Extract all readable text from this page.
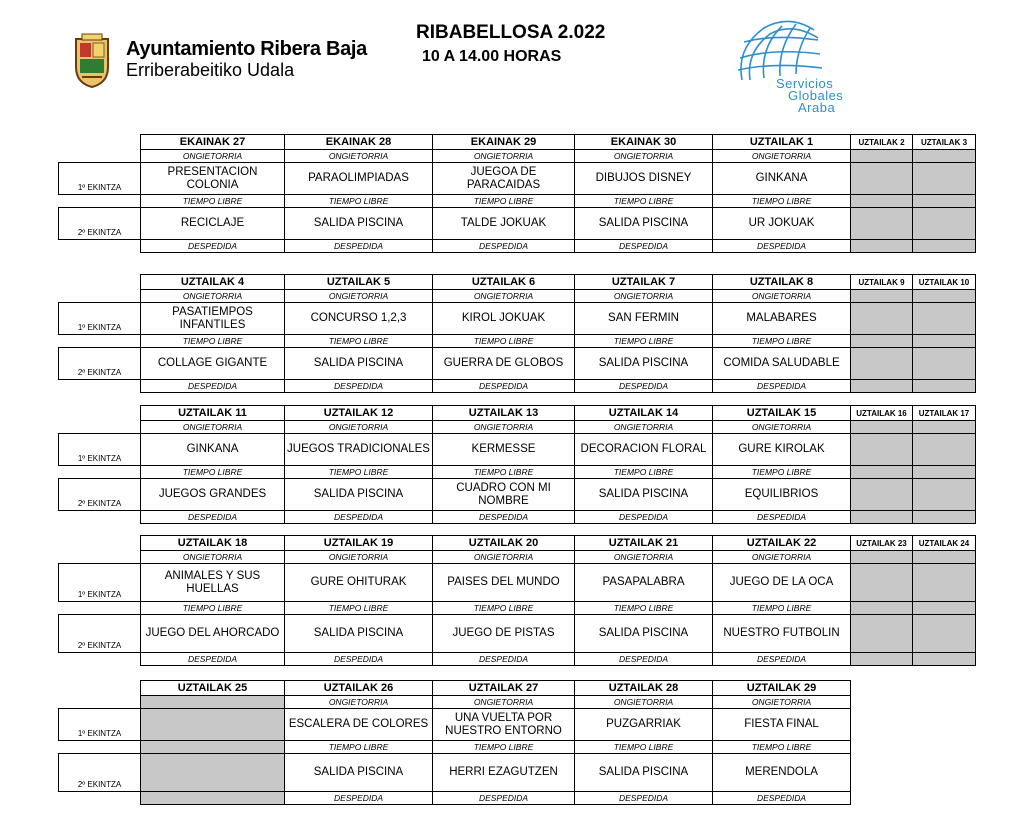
Ayuntamiento Ribera Baja
Erriberabeitiko Udala
RIBABELLOSA 2.022
10 A 14.00 HORAS
Servicios
Globales
Araba
	EKAINAK 27	EKAINAK 28	EKAINAK 29	EKAINAK 30	UZTAILAK 1	UZTAILAK 2	UZTAILAK 3
	ONGIETORRIA	ONGIETORRIA	ONGIETORRIA	ONGIETORRIA	ONGIETORRIA		
1º EKINTZA	PRESENTACION COLONIA	PARAOLIMPIADAS	JUEGOA DE PARACAIDAS	DIBUJOS DISNEY	GINKANA		
	TIEMPO LIBRE	TIEMPO LIBRE	TIEMPO LIBRE	TIEMPO LIBRE	TIEMPO LIBRE		
2º EKINTZA	RECICLAJE	SALIDA PISCINA	TALDE JOKUAK	SALIDA PISCINA	UR JOKUAK		
	DESPEDIDA	DESPEDIDA	DESPEDIDA	DESPEDIDA	DESPEDIDA		
	UZTAILAK 4	UZTAILAK 5	UZTAILAK 6	UZTAILAK 7	UZTAILAK 8	UZTAILAK 9	UZTAILAK 10
	ONGIETORRIA	ONGIETORRIA	ONGIETORRIA	ONGIETORRIA	ONGIETORRIA		
1º EKINTZA	PASATIEMPOS INFANTILES	CONCURSO 1,2,3	KIROL JOKUAK	SAN FERMIN	MALABARES		
	TIEMPO LIBRE	TIEMPO LIBRE	TIEMPO LIBRE	TIEMPO LIBRE	TIEMPO LIBRE		
2º EKINTZA	COLLAGE GIGANTE	SALIDA PISCINA	GUERRA DE GLOBOS	SALIDA PISCINA	COMIDA SALUDABLE		
	DESPEDIDA	DESPEDIDA	DESPEDIDA	DESPEDIDA	DESPEDIDA		
	UZTAILAK 11	UZTAILAK 12	UZTAILAK 13	UZTAILAK 14	UZTAILAK 15	UZTAILAK 16	UZTAILAK 17
	ONGIETORRIA	ONGIETORRIA	ONGIETORRIA	ONGIETORRIA	ONGIETORRIA		
1º EKINTZA	GINKANA	JUEGOS TRADICIONALES	KERMESSE	DECORACION FLORAL	GURE KIROLAK		
	TIEMPO LIBRE	TIEMPO LIBRE	TIEMPO LIBRE	TIEMPO LIBRE	TIEMPO LIBRE		
2º EKINTZA	JUEGOS GRANDES	SALIDA PISCINA	CUADRO CON MI NOMBRE	SALIDA PISCINA	EQUILIBRIOS		
	DESPEDIDA	DESPEDIDA	DESPEDIDA	DESPEDIDA	DESPEDIDA		
	UZTAILAK 18	UZTAILAK 19	UZTAILAK 20	UZTAILAK 21	UZTAILAK 22	UZTAILAK 23	UZTAILAK 24
	ONGIETORRIA	ONGIETORRIA	ONGIETORRIA	ONGIETORRIA	ONGIETORRIA		
1º EKINTZA	ANIMALES Y SUS HUELLAS	GURE OHITURAK	PAISES DEL MUNDO	PASAPALABRA	JUEGO DE LA OCA		
	TIEMPO LIBRE	TIEMPO LIBRE	TIEMPO LIBRE	TIEMPO LIBRE	TIEMPO LIBRE		
2º EKINTZA	JUEGO DEL AHORCADO	SALIDA PISCINA	JUEGO DE PISTAS	SALIDA PISCINA	NUESTRO FUTBOLIN		
	DESPEDIDA	DESPEDIDA	DESPEDIDA	DESPEDIDA	DESPEDIDA		
	UZTAILAK 25	UZTAILAK 26	UZTAILAK 27	UZTAILAK 28	UZTAILAK 29
		ONGIETORRIA	ONGIETORRIA	ONGIETORRIA	ONGIETORRIA
1º EKINTZA		ESCALERA DE COLORES	UNA VUELTA POR NUESTRO ENTORNO	PUZGARRIAK	FIESTA FINAL
		TIEMPO LIBRE	TIEMPO LIBRE	TIEMPO LIBRE	TIEMPO LIBRE
2º EKINTZA		SALIDA PISCINA	HERRI EZAGUTZEN	SALIDA PISCINA	MERENDOLA
		DESPEDIDA	DESPEDIDA	DESPEDIDA	DESPEDIDA
